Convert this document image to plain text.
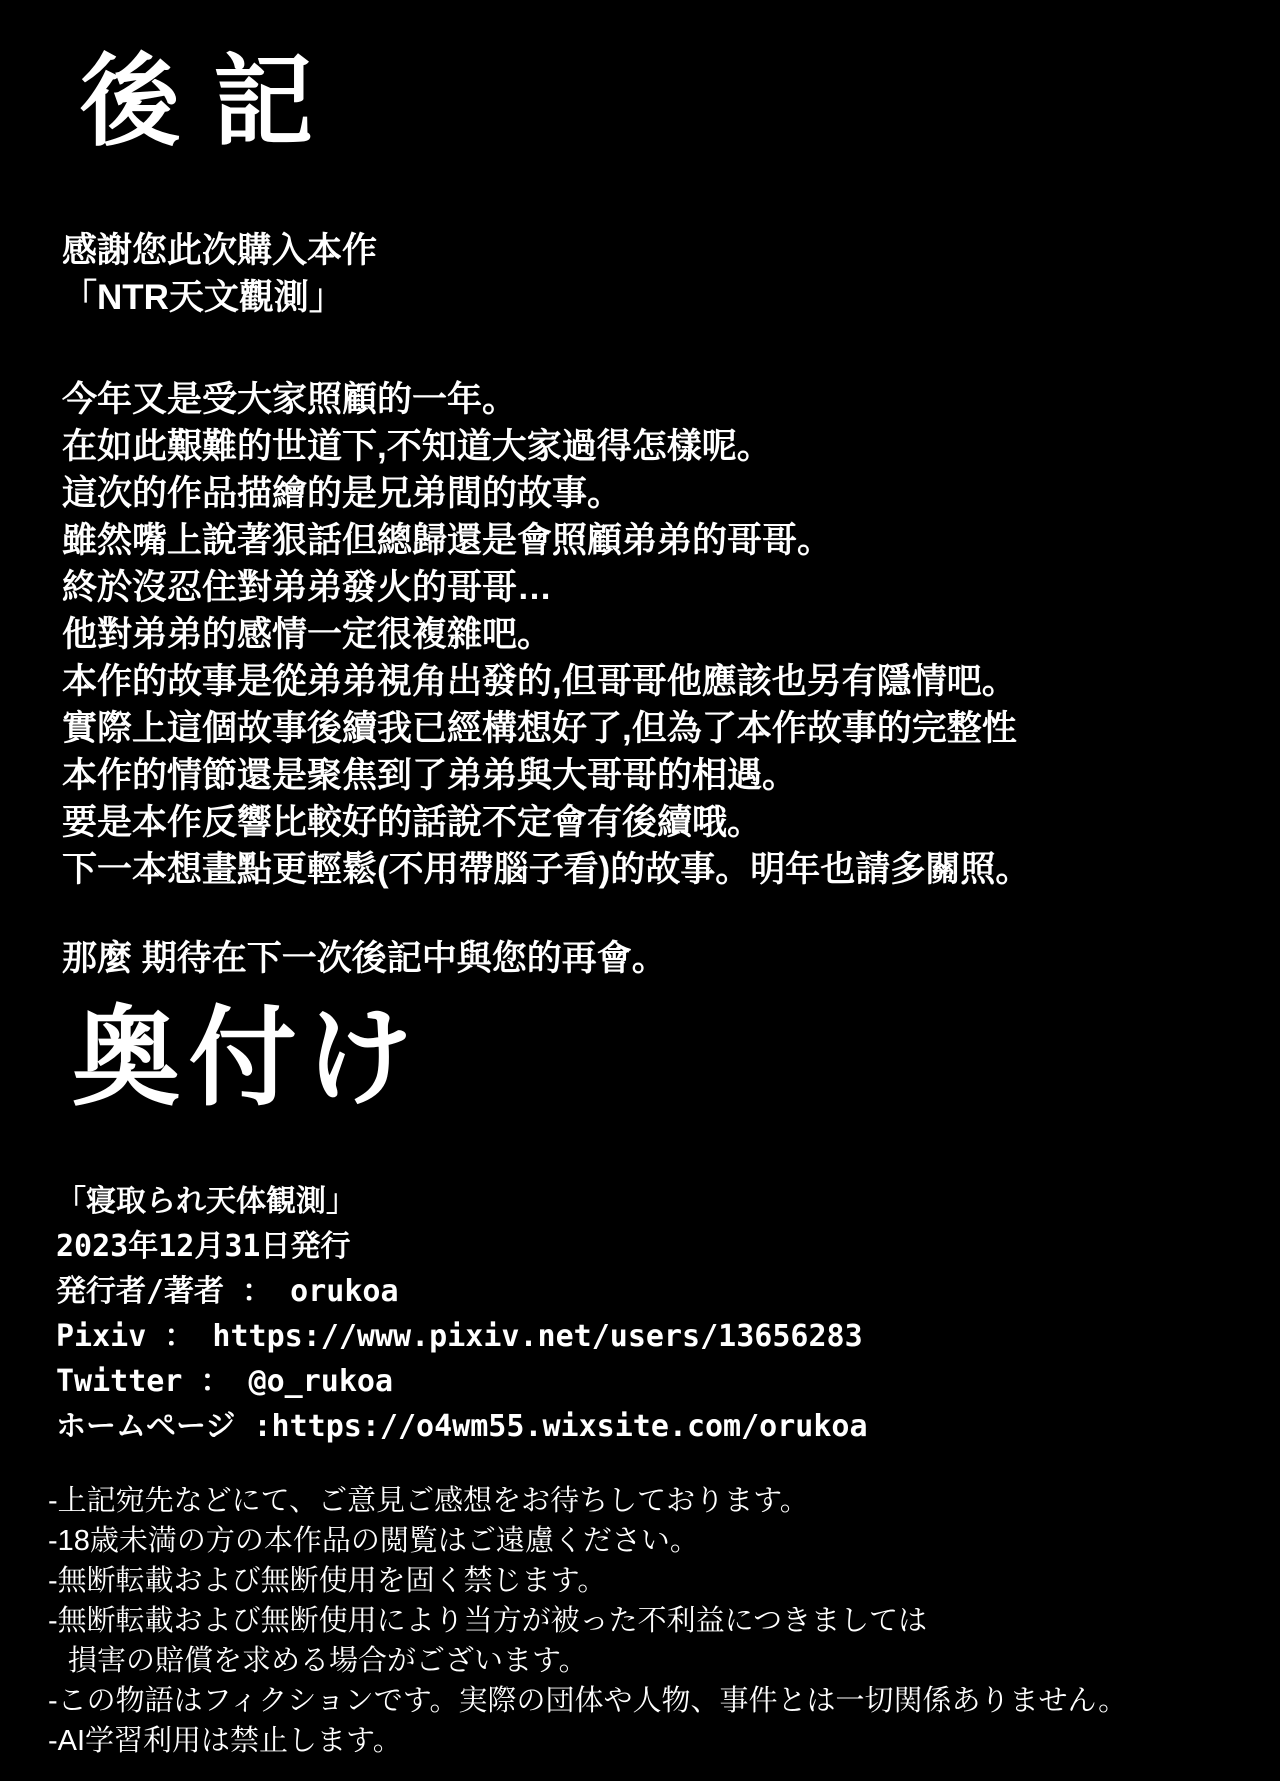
後記

感謝您此次購入本作

「NTR天文觀測」

今年又是受大家照顧的一年。

在如此艱難的世道下,不知道大家過得怎樣呢。

這次的作品描繪的是兄弟間的故事。

雖然嘴上說著狠話但總歸還是會照顧弟弟的哥哥。

終於沒忍住對弟弟發火的哥哥…

他對弟弟的感情一定很複雜吧。

本作的故事是從弟弟視角出發的,但哥哥他應該也另有隱情吧。

實際上這個故事後續我已經構想好了,但為了本作故事的完整性

本作的情節還是聚焦到了弟弟與大哥哥的相遇。

要是本作反響比較好的話說不定會有後續哦。

下一本想畫點更輕鬆(不用帶腦子看)的故事。明年也請多關照。

那麼 期待在下一次後記中與您的再會。

奥付け

「寝取られ天体観測」

2023年12月31日発行

発行者/著者 ： orukoa

Pixiv ： https://www.pixiv.net/users/13656283

Twitter ： @o_rukoa

ホームページ :https://o4wm55.wixsite.com/orukoa

-上記宛先などにて、ご意見ご感想をお待ちしております。

-18歳未満の方の本作品の閲覧はご遠慮ください。

-無断転載および無断使用を固く禁じます。

-無断転載および無断使用により当方が被った不利益につきましては

損害の賠償を求める場合がございます。

-この物語はフィクションです。実際の団体や人物、事件とは一切関係ありません。

-AI学習利用は禁止します。
